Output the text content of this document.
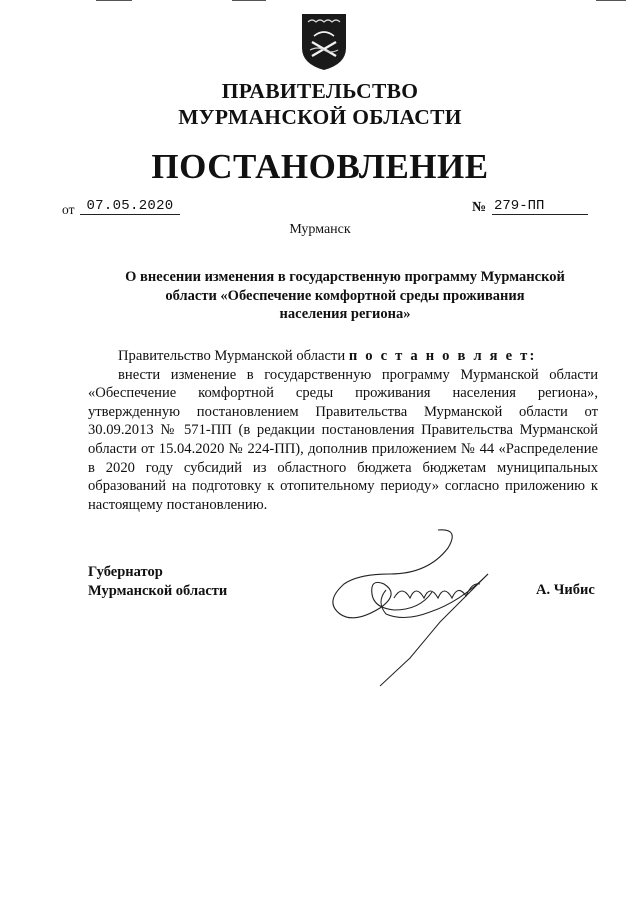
ПРАВИТЕЛЬСТВО
МУРМАНСКОЙ ОБЛАСТИ
ПОСТАНОВЛЕНИЕ
от 07.05.2020	№ 279-ПП
Мурманск
О внесении изменения в государственную программу Мурманской
области «Обеспечение комфортной среды проживания
населения региона»

Правительство Мурманской области п о с т а н о в л я е т:

внести изменение в государственную программу Мурманской области «Обеспечение комфортной среды проживания населения региона», утвержденную постановлением Правительства Мурманской области от 30.09.2013 № 571-ПП (в редакции постановления Правительства Мурманской области от 15.04.2020 № 224-ПП), дополнив приложением № 44 «Распределение в 2020 году субсидий из областного бюджета бюджетам муниципальных образований на подготовку к отопительному периоду» согласно приложению к настоящему постановлению.

Губернатор
Мурманской области	А. Чибис
